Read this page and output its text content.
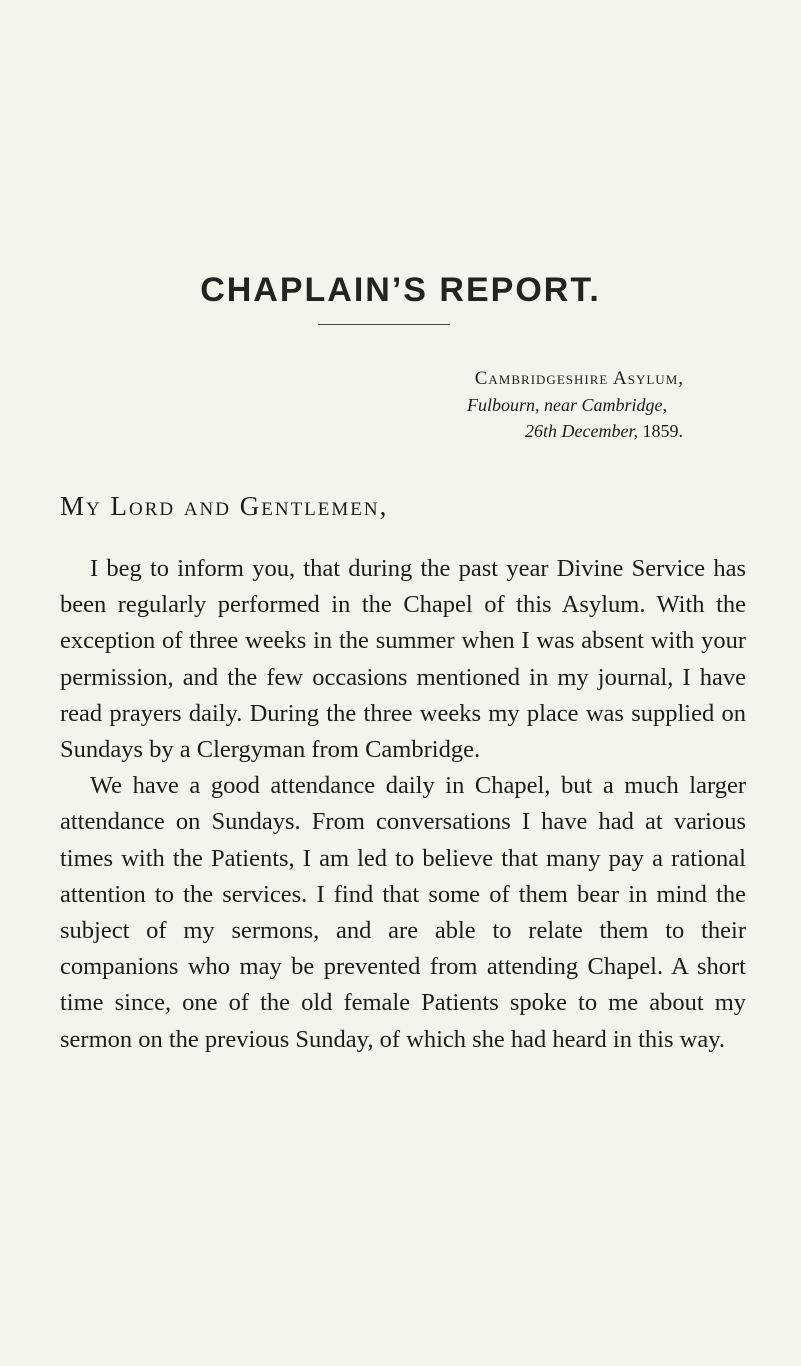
CHAPLAIN’S REPORT.
Cambridgeshire Asylum,
Fulbourn, near Cambridge,
26th December, 1859.
My Lord and Gentlemen,

I beg to inform you, that during the past year Divine Service has been regularly performed in the Chapel of this Asylum. With the exception of three weeks in the summer when I was absent with your permission, and the few occasions mentioned in my journal, I have read prayers daily. During the three weeks my place was supplied on Sundays by a Clergyman from Cambridge.

We have a good attendance daily in Chapel, but a much larger attendance on Sundays. From conversations I have had at various times with the Patients, I am led to believe that many pay a rational attention to the services. I find that some of them bear in mind the subject of my sermons, and are able to relate them to their companions who may be prevented from attending Chapel. A short time since, one of the old female Patients spoke to me about my sermon on the previous Sunday, of which she had heard in this way.
